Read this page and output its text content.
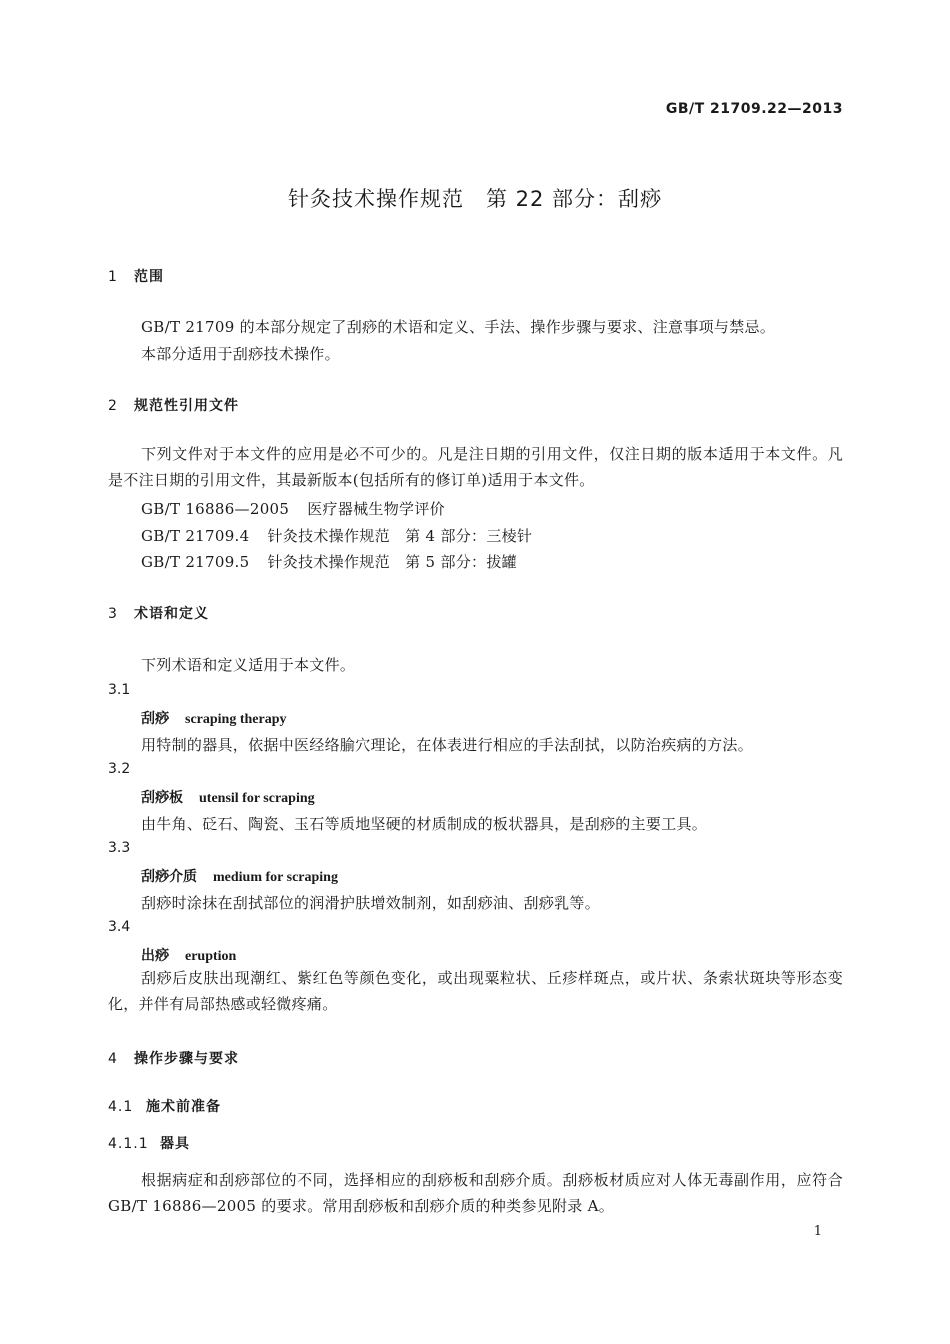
GB/T 21709.22—2013
针灸技术操作规范　第 22 部分：刮痧
1 范围
GB/T 21709 的本部分规定了刮痧的术语和定义、手法、操作步骤与要求、注意事项与禁忌。
本部分适用于刮痧技术操作。
2 规范性引用文件
下列文件对于本文件的应用是必不可少的。凡是注日期的引用文件，仅注日期的版本适用于本文件。凡是不注日期的引用文件，其最新版本(包括所有的修订单)适用于本文件。
GB/T 16886—2005 医疗器械生物学评价
GB/T 21709.4 针灸技术操作规范　第 4 部分：三棱针
GB/T 21709.5 针灸技术操作规范　第 5 部分：拔罐
3 术语和定义
下列术语和定义适用于本文件。
3.1
刮痧 scraping therapy
用特制的器具，依据中医经络腧穴理论，在体表进行相应的手法刮拭，以防治疾病的方法。
3.2
刮痧板 utensil for scraping
由牛角、砭石、陶瓷、玉石等质地坚硬的材质制成的板状器具，是刮痧的主要工具。
3.3
刮痧介质 medium for scraping
刮痧时涂抹在刮拭部位的润滑护肤增效制剂，如刮痧油、刮痧乳等。
3.4
出痧 eruption
刮痧后皮肤出现潮红、紫红色等颜色变化，或出现粟粒状、丘疹样斑点，或片状、条索状斑块等形态变化，并伴有局部热感或轻微疼痛。
4 操作步骤与要求
4.1 施术前准备
4.1.1 器具
根据病症和刮痧部位的不同，选择相应的刮痧板和刮痧介质。刮痧板材质应对人体无毒副作用，应符合 GB/T 16886—2005 的要求。常用刮痧板和刮痧介质的种类参见附录 A。
1
